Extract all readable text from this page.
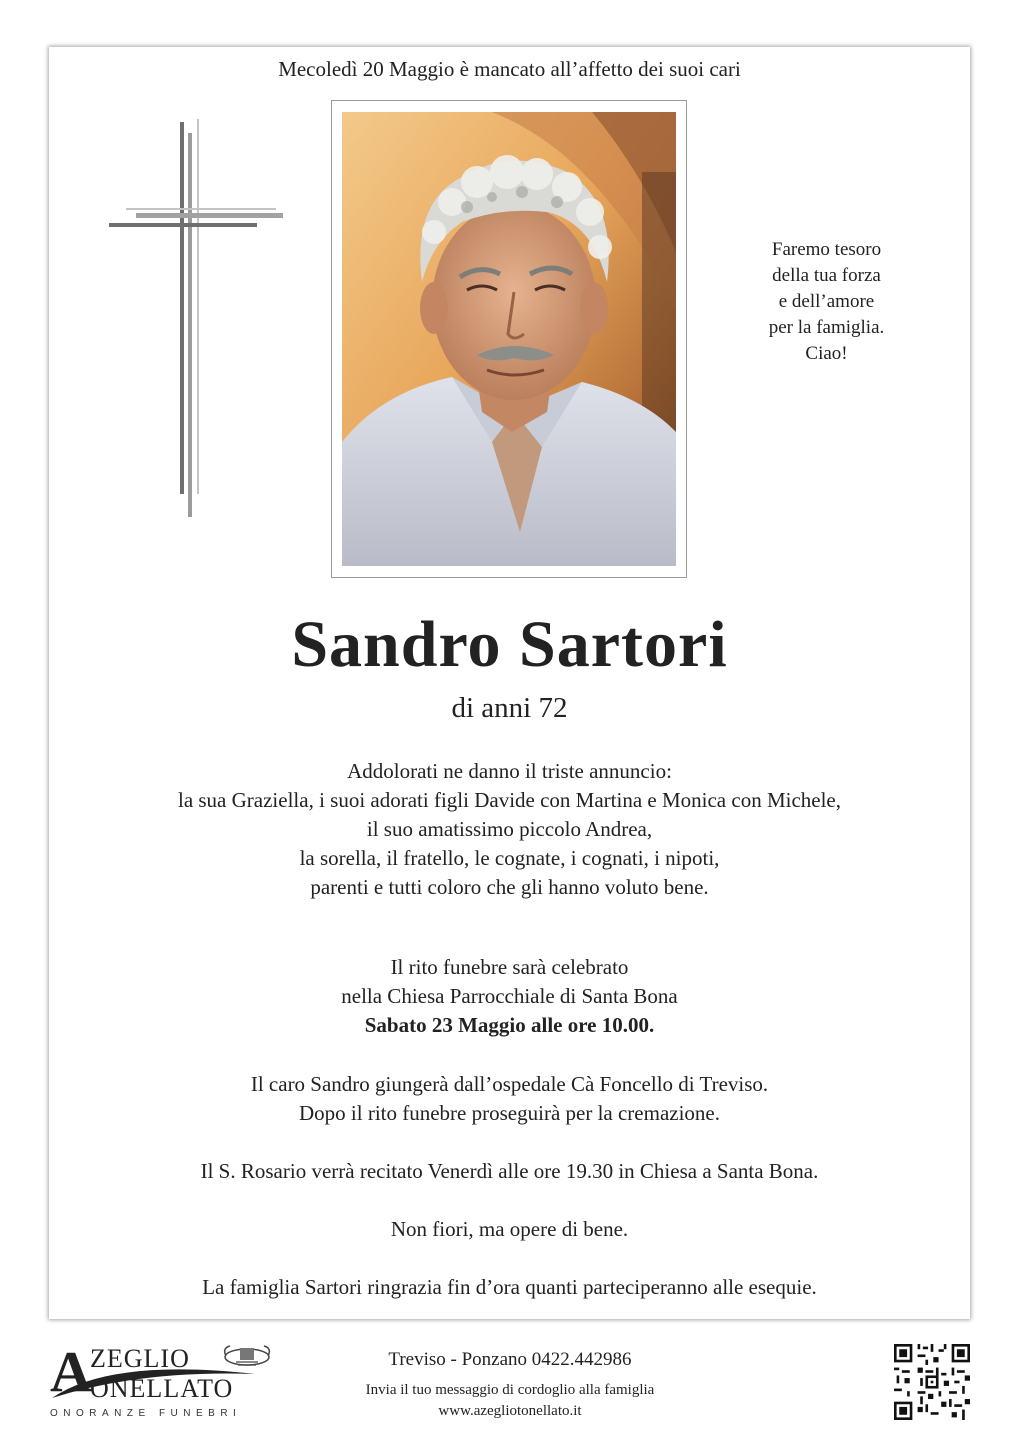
Mecoledì 20 Maggio è mancato all’affetto dei suoi cari
Faremo tesoro
della tua forza
e dell’amore
per la famiglia.
Ciao!
Sandro Sartori
di anni 72
Addolorati ne danno il triste annuncio:
la sua Graziella, i suoi adorati figli Davide con Martina e Monica con Michele,
il suo amatissimo piccolo Andrea,
la sorella, il fratello, le cognate, i cognati, i nipoti,
parenti e tutti coloro che gli hanno voluto bene.
Il rito funebre sarà celebrato
nella Chiesa Parrocchiale di Santa Bona
Sabato 23 Maggio alle ore 10.00.
Il caro Sandro giungerà dall’ospedale Cà Foncello di Treviso.
Dopo il rito funebre proseguirà per la cremazione.
Il S. Rosario verrà recitato Venerdì alle ore 19.30 in Chiesa a Santa Bona.
Non fiori, ma opere di bene.
La famiglia Sartori ringrazia fin d’ora quanti parteciperanno alle esequie.
A
ZEGLIO
ONELLATO
ONORANZE FUNEBRI
Treviso - Ponzano 0422.442986
Invia il tuo messaggio di cordoglio alla famiglia
www.azegliotonellato.it
